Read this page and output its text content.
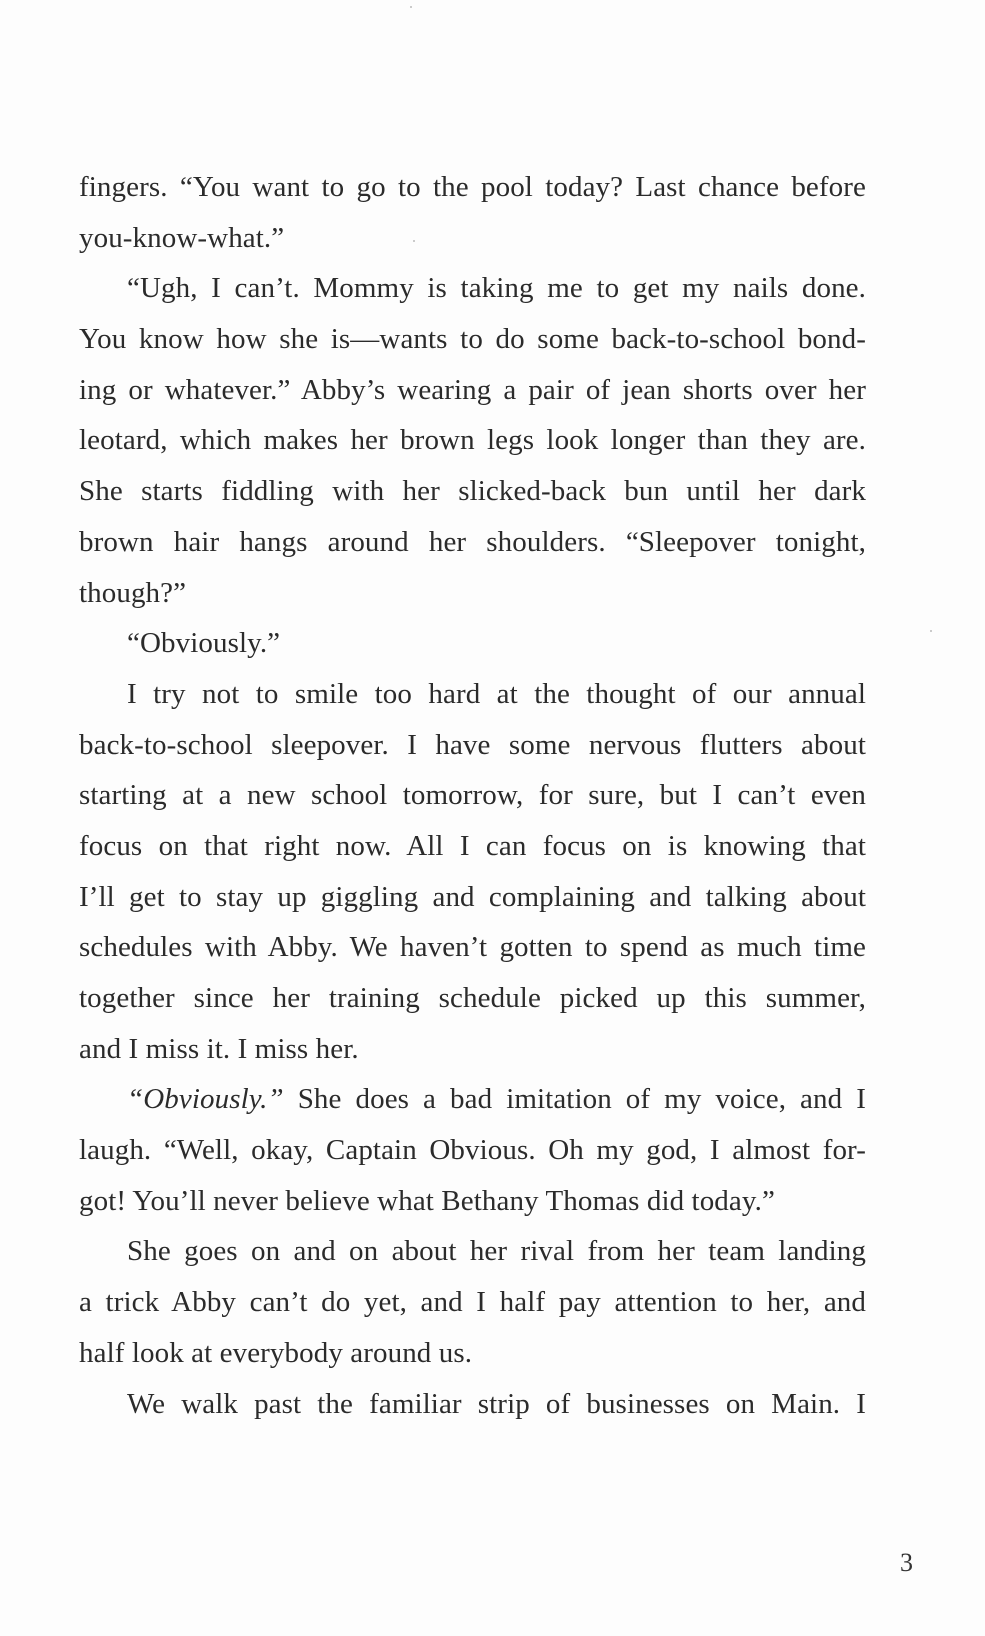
fingers. “You want to go to the pool today? Last chance before
you-know-what.”
“Ugh, I can’t. Mommy is taking me to get my nails done.
You know how she is—wants to do some back-to-school bond-
ing or whatever.” Abby’s wearing a pair of jean shorts over her
leotard, which makes her brown legs look longer than they are.
She starts fiddling with her slicked-back bun until her dark
brown hair hangs around her shoulders. “Sleepover tonight,
though?”
“Obviously.”
I try not to smile too hard at the thought of our annual
back-to-school sleepover. I have some nervous flutters about
starting at a new school tomorrow, for sure, but I can’t even
focus on that right now. All I can focus on is knowing that
I’ll get to stay up giggling and complaining and talking about
schedules with Abby. We haven’t gotten to spend as much time
together since her training schedule picked up this summer,
and I miss it. I miss her.
“Obviously.” She does a bad imitation of my voice, and I
laugh. “Well, okay, Captain Obvious. Oh my god, I almost for-
got! You’ll never believe what Bethany Thomas did today.”
She goes on and on about her rival from her team landing
a trick Abby can’t do yet, and I half pay attention to her, and
half look at everybody around us.
We walk past the familiar strip of businesses on Main. I
3
